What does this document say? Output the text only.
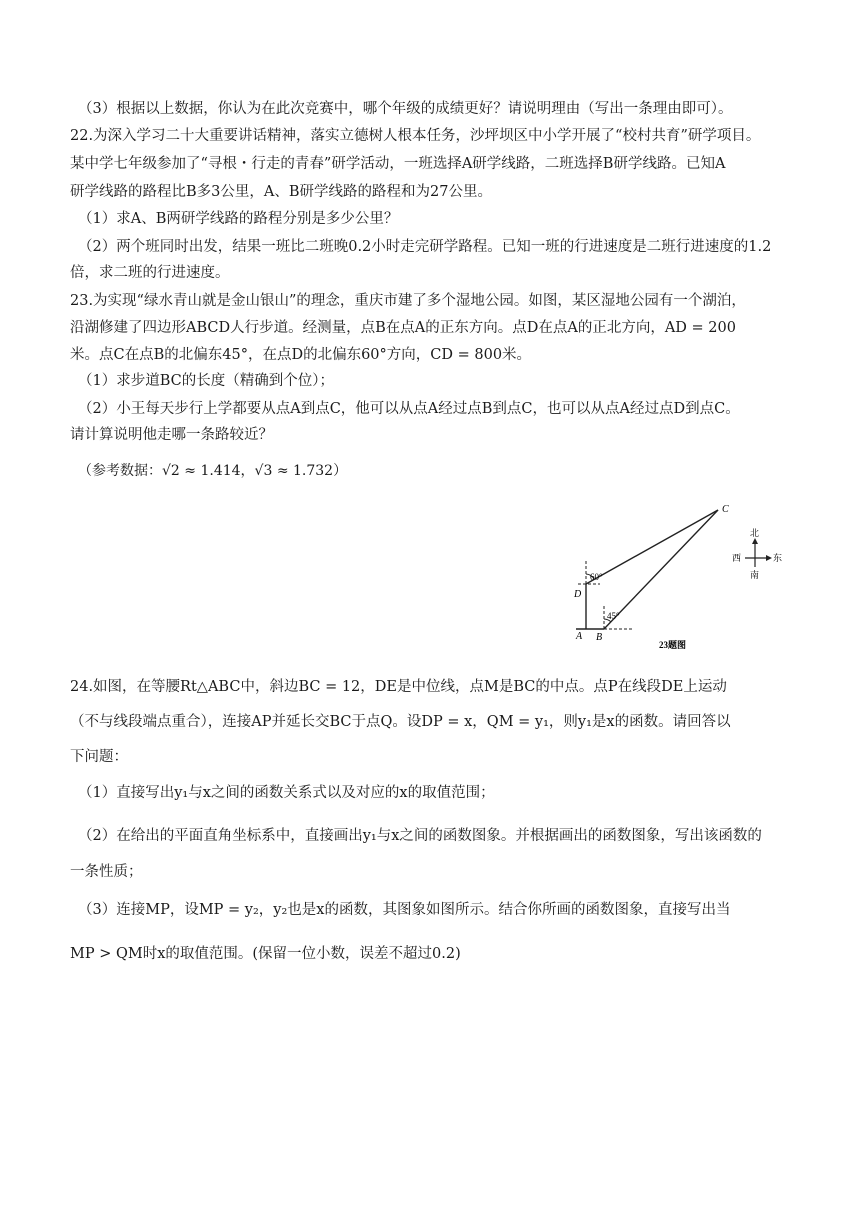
（3）根据以上数据，你认为在此次竞赛中，哪个年级的成绩更好？请说明理由（写出一条理由即可）。
22.为深入学习二十大重要讲话精神，落实立德树人根本任务，沙坪坝区中小学开展了“校村共育”研学项目。
某中学七年级参加了“寻根・行走的青春”研学活动，一班选择A研学线路，二班选择B研学线路。已知A
研学线路的路程比B多3公里，A、B研学线路的路程和为27公里。
（1）求A、B两研学线路的路程分别是多少公里？
（2）两个班同时出发，结果一班比二班晚0.2小时走完研学路程。已知一班的行进速度是二班行进速度的1.2
倍，求二班的行进速度。
23.为实现“绿水青山就是金山银山”的理念，重庆市建了多个湿地公园。如图，某区湿地公园有一个湖泊，
沿湖修建了四边形ABCD人行步道。经测量，点B在点A的正东方向。点D在点A的正北方向，AD = 200
米。点C在点B的北偏东45°，在点D的北偏东60°方向，CD = 800米。
（1）求步道BC的长度（精确到个位）；
（2）小王每天步行上学都要从点A到点C，他可以从点A经过点B到点C，也可以从点A经过点D到点C。
请计算说明他走哪一条路较近？
（参考数据：√2 ≈ 1.414，√3 ≈ 1.732）
60°
45°
C
D
A B
23题图
北
西	东
南
24.如图，在等腰Rt△ABC中，斜边BC = 12，DE是中位线，点M是BC的中点。点P在线段DE上运动
（不与线段端点重合），连接AP并延长交BC于点Q。设DP = x，QM = y₁，则y₁是x的函数。请回答以
下问题：
（1）直接写出y₁与x之间的函数关系式以及对应的x的取值范围；
（2）在给出的平面直角坐标系中，直接画出y₁与x之间的函数图象。并根据画出的函数图象，写出该函数的
一条性质；
（3）连接MP，设MP = y₂，y₂也是x的函数，其图象如图所示。结合你所画的函数图象，直接写出当
MP > QM时x的取值范围。(保留一位小数，误差不超过0.2)
